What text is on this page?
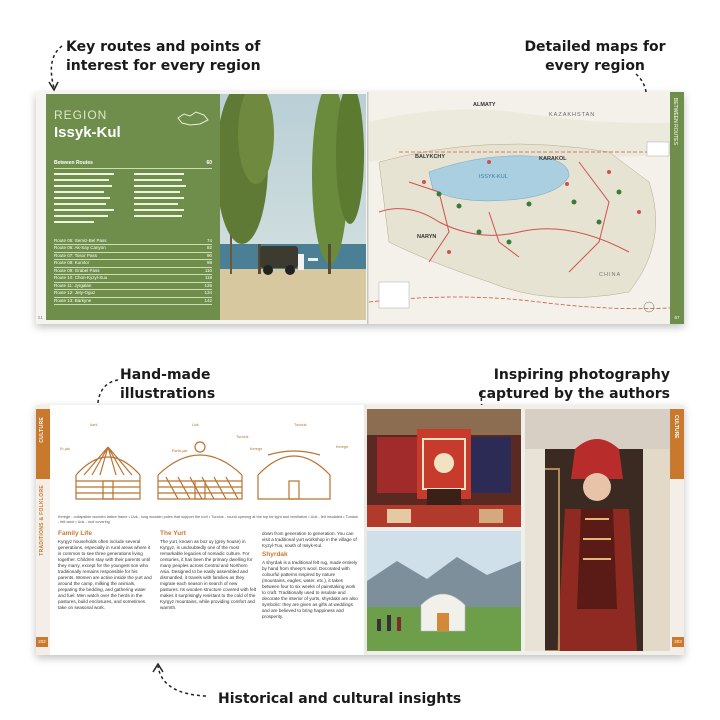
Key routes and points of
interest for every region
Detailed maps for
every region
REGION
Issyk-Kul
Between Routes	60
Route 05: Semiz-Bel Pass	74
Route 06: Ak-Say Canyon	82
Route 07: Tosor Pass	90
Route 08: Kumtor	98
Route 09: Grabel Pass	110
Route 10: Chon-Kyzyl-Suu	118
Route 11: Jyrgalan	126
Route 12: Jety-Oguz	134
Route 13: Barkyne	142
51
ALMATY
KAZAKHSTAN
BALYKCHY	KARAKOL
ISSYK-KUL
NARYN
CHINA
BETWEEN ROUTES
67
Hand-made
illustrations
Inspiring photography
captured by the authors
CULTURE
TRADITIONS & FOLKLORE
Ashi	Uuk	Tunduk
Kerege
Er-jak	Eshik-jak
Tunduk
Kerege
Kerege - collapsible wooden lattice frame • Uuk - long wooden poles that support the roof • Tunduk - round opening at the top for light and ventilation • Uuk - felt insulated • Tunduk - felt wool • Uuk - roof covering
Family Life
Kyrgyz households often include several generations, especially in rural areas where it is common to see three generations living together. Children stay with their parents until they marry, except for the youngest son who traditionally remains responsible for his parents. Women are active inside the yurt and around the camp, milking the animals, preparing the bedding, and gathering water and fuel. Men watch over the herds in the pastures, build enclosures, and sometimes take on seasonal work.
The Yurt
The yurt, known as boz uy (grey house) in Kyrgyz, is undoubtedly one of the most remarkable legacies of nomadic culture. For centuries, it has been the primary dwelling for many peoples across Central and Northern Asia. Designed to be easily assembled and dismantled, it travels with families as they migrate each season in search of new pastures. Its wooden structure covered with felt makes it surprisingly resistant to the cold of the Kyrgyz mountains, while providing comfort and warmth.
down from generation to generation. You can visit a traditional yurt workshop in the village of Kyzyl-Tuu, south of Issyk-Kul.
Shyrdak
A shyrdak is a traditional felt rug, made entirely by hand from sheep's wool. Decorated with colourful patterns inspired by nature (mountains, eagles, water, etc.), it takes between four to six weeks of painstaking work to craft. Traditionally used to insulate and decorate the interior of yurts, shyrdaks are also symbolic: they are given as gifts at weddings and are believed to bring happiness and prosperity.
202
CULTURE
203
Historical and cultural insights
